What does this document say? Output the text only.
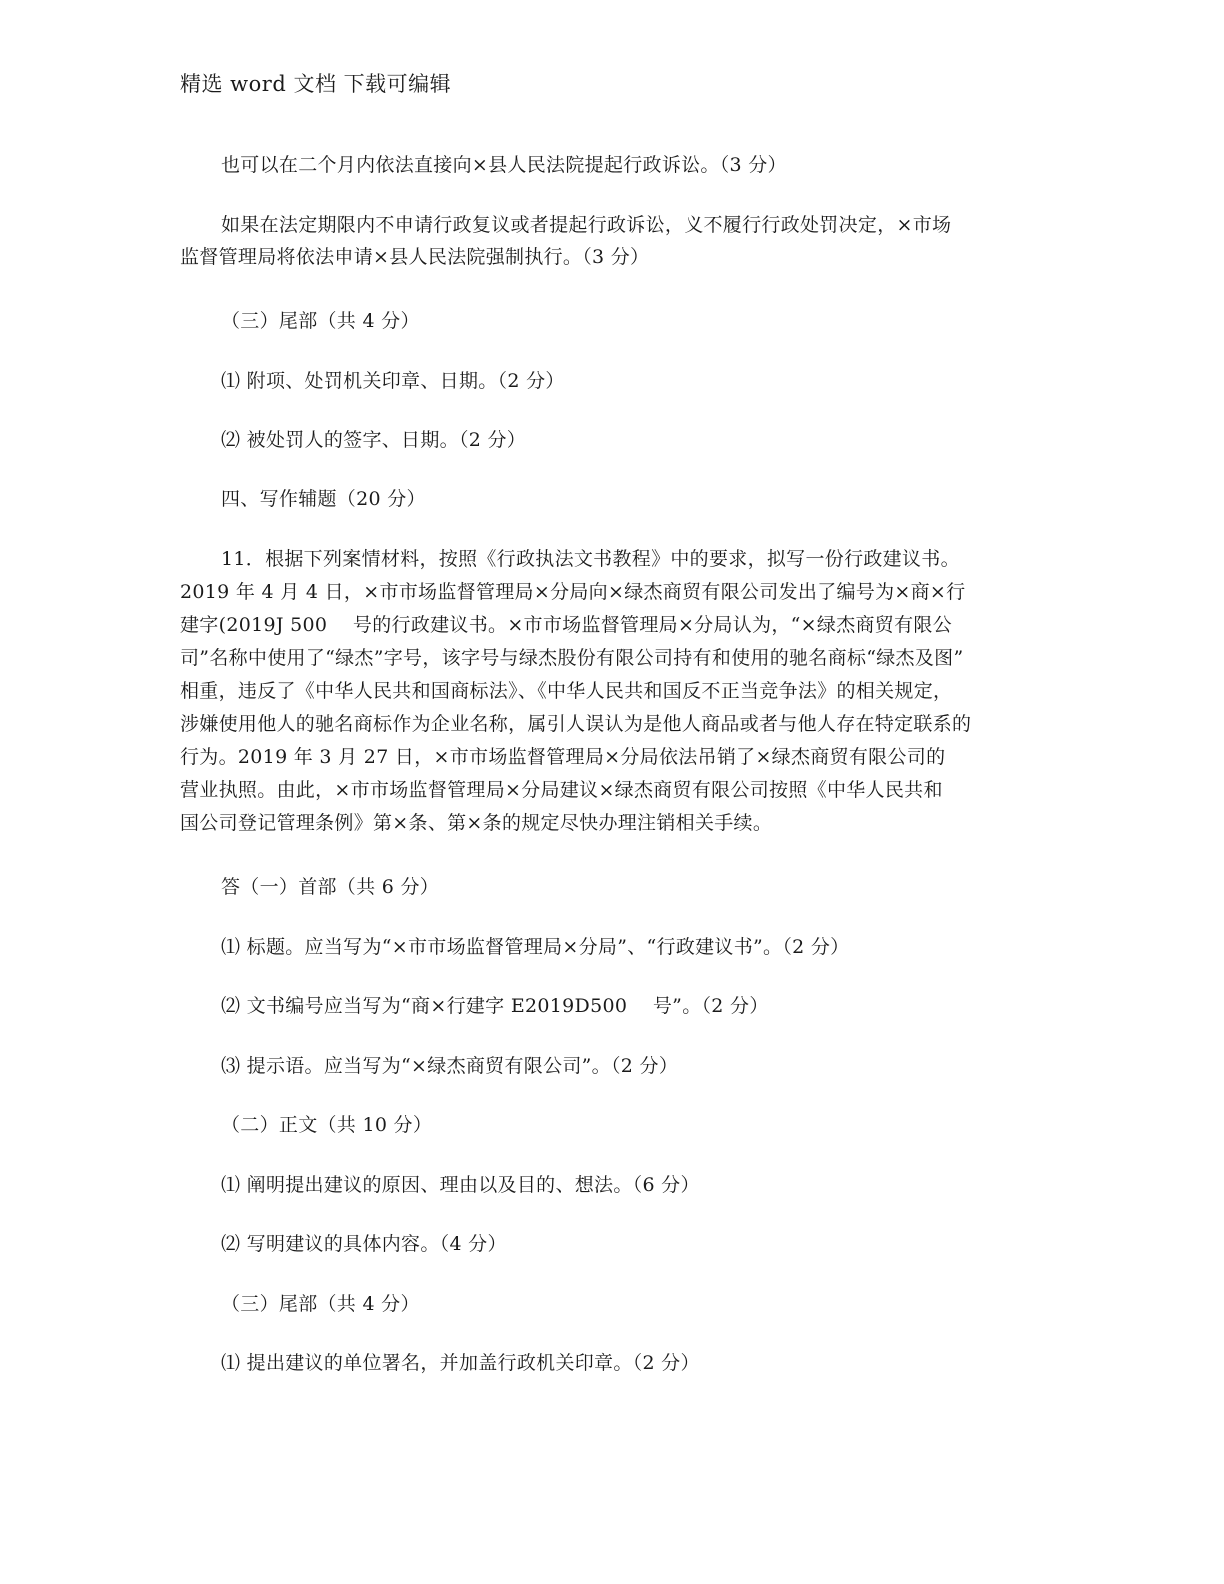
精选 word 文档 下载可编辑
也可以在二个月内依法直接向×县人民法院提起行政诉讼。（3 分）
如果在法定期限内不申请行政复议或者提起行政诉讼，义不履行行政处罚决定，×市场
监督管理局将依法申请×县人民法院强制执行。（3 分）
（三）尾部（共 4 分）
⑴ 附项、处罚机关印章、日期。（2 分）
⑵ 被处罚人的签字、日期。（2 分）
四、写作辅题（20 分）
11．根据下列案情材料，按照《行政执法文书教程》中的要求，拟写一份行政建议书。
2019 年 4 月 4 日，×市市场监督管理局×分局向×绿杰商贸有限公司发出了编号为×商×行
建字(2019J 500　 号的行政建议书。×市市场监督管理局×分局认为，“×绿杰商贸有限公
司”名称中使用了“绿杰”字号，该字号与绿杰股份有限公司持有和使用的驰名商标“绿杰及图”
相重，违反了《中华人民共和国商标法》、《中华人民共和国反不正当竞争法》的相关规定，
涉嫌使用他人的驰名商标作为企业名称，属引人误认为是他人商品或者与他人存在特定联系的
行为。2019 年 3 月 27 日，×市市场监督管理局×分局依法吊销了×绿杰商贸有限公司的
营业执照。由此，×市市场监督管理局×分局建议×绿杰商贸有限公司按照《中华人民共和
国公司登记管理条例》第×条、第×条的规定尽快办理注销相关手续。
答（一）首部（共 6 分）
⑴ 标题。应当写为“×市市场监督管理局×分局”、“行政建议书”。（2 分）
⑵ 文书编号应当写为“商×行建字 E2019D500　 号”。（2 分）
⑶ 提示语。应当写为“×绿杰商贸有限公司”。（2 分）
（二）正文（共 10 分）
⑴ 阐明提出建议的原因、理由以及目的、想法。（6 分）
⑵ 写明建议的具体内容。（4 分）
（三）尾部（共 4 分）
⑴ 提出建议的单位署名，并加盖行政机关印章。（2 分）
